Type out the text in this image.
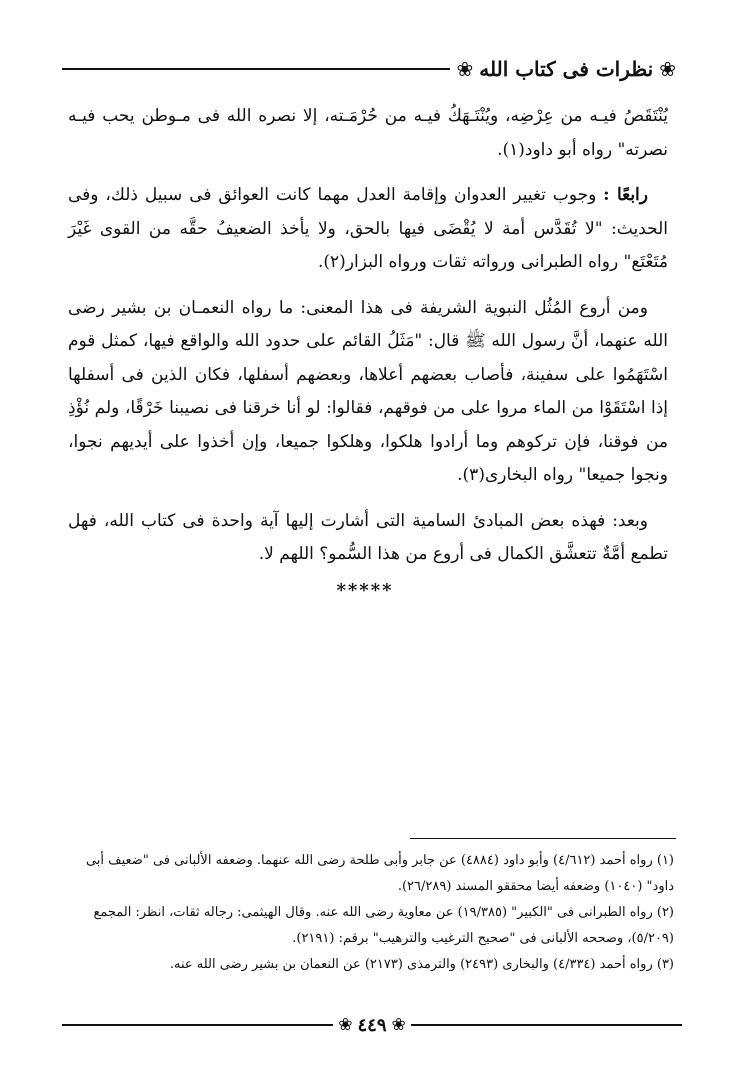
❀
نظرات فى كتاب الله
❀

يُنْتَقَصُ فيـه من عِرْضِه، ويُنْتَـهَكُ فيـه من حُرْمَـته، إلا نصره الله فى مـوطن يحب فيـه نصرته" رواه أبو داود(١).

رابعًا : وجوب تغيير العدوان وإقامة العدل مهما كانت العوائق فى سبيل ذلك، وفى الحديث: "لا تُقَدَّس أمة لا يُقْضَى فيها بالحق، ولا يأخذ الضعيفُ حقَّه من القوى غَيْرَ مُتَعْتَع" رواه الطبرانى ورواته ثقات ورواه البزار(٢).

ومن أروع المُثُل النبوية الشريفة فى هذا المعنى: ما رواه النعمـان بن بشير رضى الله عنهما، أنَّ رسول الله ﷺ قال: "مَثَلُ القائم على حدود الله والواقع فيها، كمثل قوم اسْتَهَمُوا على سفينة، فأصاب بعضهم أعلاها، وبعضهم أسفلها، فكان الذين فى أسفلها إذا اسْتَقَوْا من الماء مروا على من فوقهم، فقالوا: لو أنا خرقنا فى نصيبنا خَرْقًا، ولم نُؤْذِ من فوقنا، فإن تركوهم وما أرادوا هلكوا، وهلكوا جميعا، وإن أخذوا على أيديهم نجوا، ونجوا جميعا" رواه البخارى(٣).

وبعد: فهذه بعض المبادئ السامية التى أشارت إليها آية واحدة فى كتاب الله، فهل تطمع أمَّةٌ تتعشَّق الكمال فى أروع من هذا السُّمو؟ اللهم لا.

*****

(١) رواه أحمد (٤/٦١٢) وأبو داود (٤٨٨٤) عن جابر وأبى طلحة رضى الله عنهما. وضعفه الألبانى فى "ضعيف أبى داود" (١٠٤٠) وضعفه أيضا محققو المسند (٢٦/٢٨٩).

(٢) رواه الطبرانى فى "الكبير" (١٩/٣٨٥) عن معاوية رضى الله عنه. وقال الهيثمى: رجاله ثقات، انظر: المجمع (٥/٢٠٩)، وصححه الألبانى فى "صحيح الترغيب والترهيب" برقم: (٢١٩١).

(٣) رواه أحمد (٤/٣٣٤) والبخارى (٢٤٩٣) والترمذى (٢١٧٣) عن النعمان بن بشير رضى الله عنه.

❀
٤٤٩
❀
